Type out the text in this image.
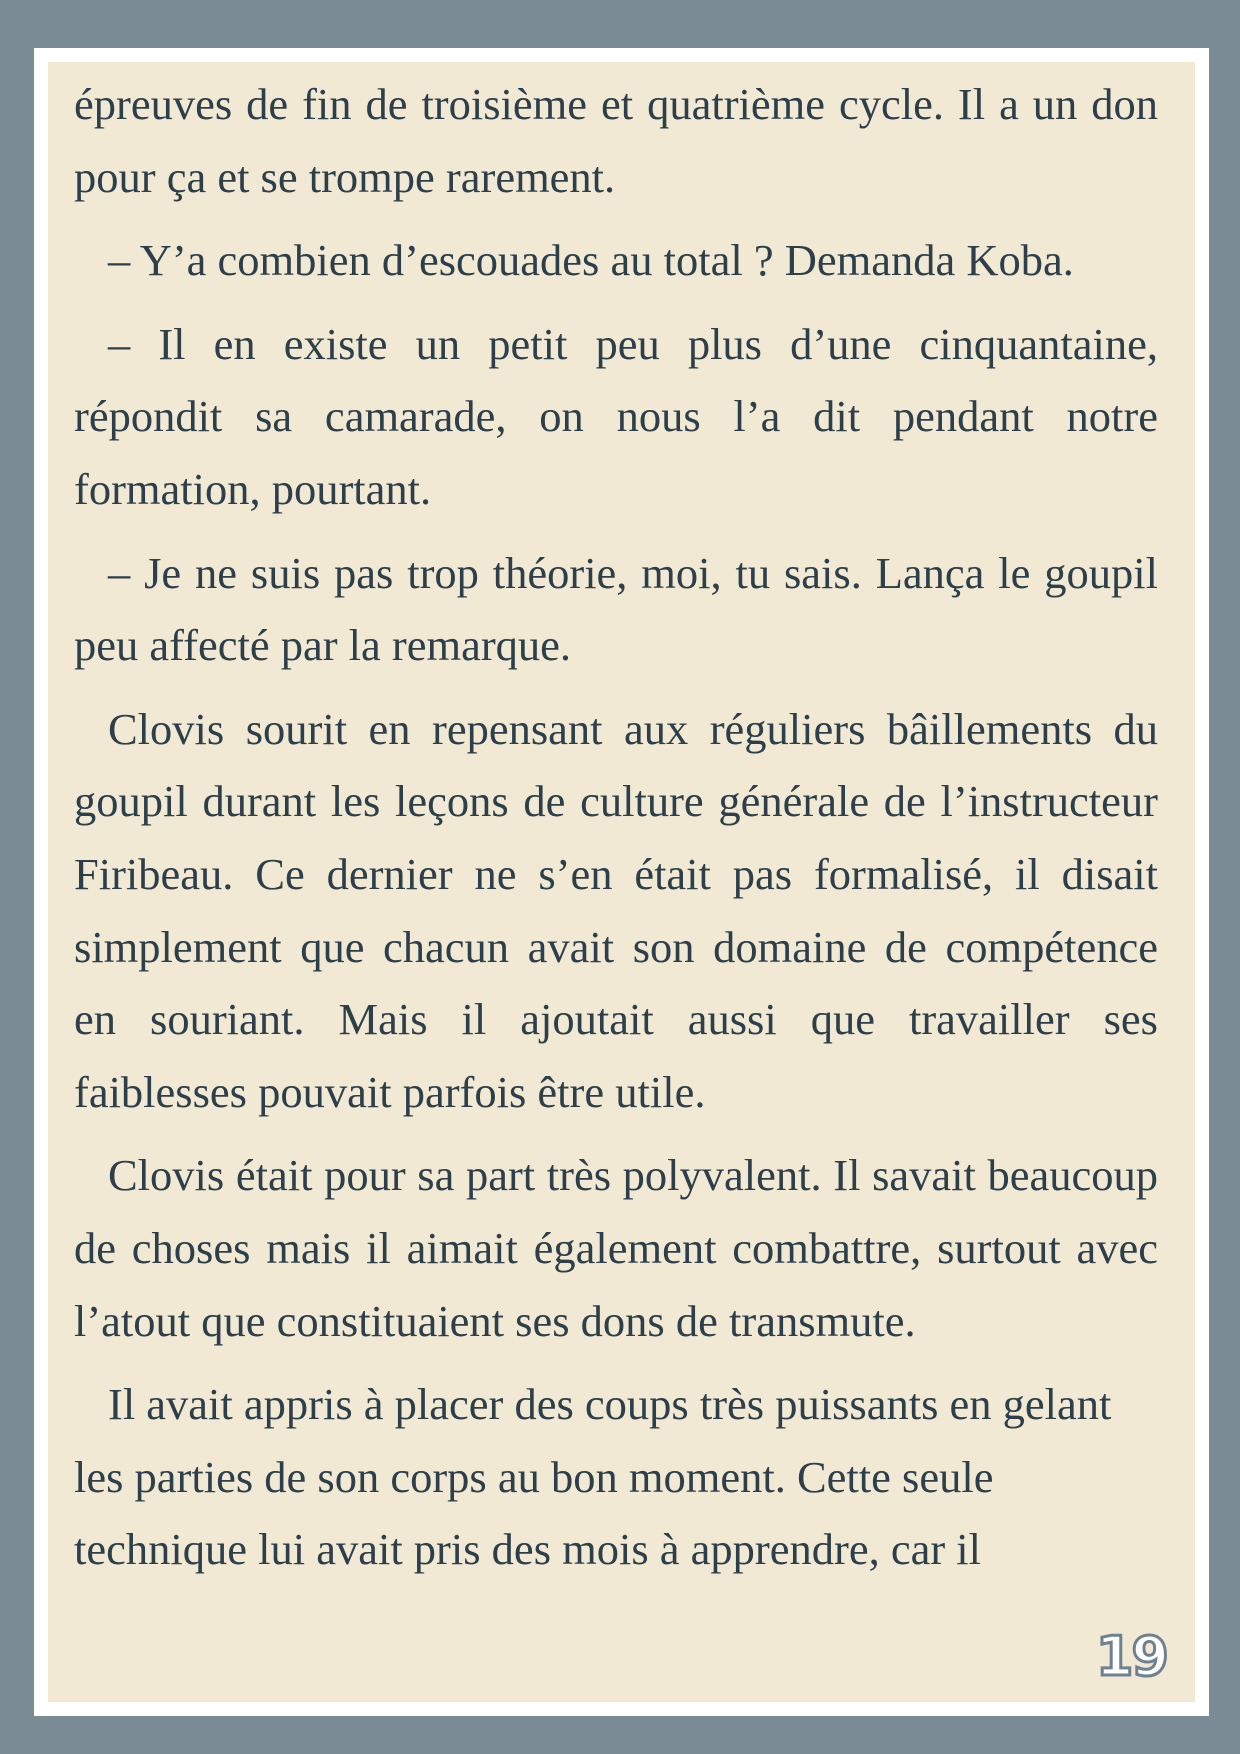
épreuves de fin de troisième et quatrième cycle. Il a un don pour ça et se trompe rarement.

– Y’a combien d’escouades au total ? Demanda Koba.

– Il en existe un petit peu plus d’une cinquantaine, répondit sa camarade, on nous l’a dit pendant notre formation, pourtant.

– Je ne suis pas trop théorie, moi, tu sais. Lança le goupil peu affecté par la remarque.

Clovis sourit en repensant aux réguliers bâillements du goupil durant les leçons de culture générale de l’instructeur Firibeau. Ce dernier ne s’en était pas formalisé, il disait simplement que chacun avait son domaine de compétence en souriant. Mais il ajoutait aussi que travailler ses faiblesses pouvait parfois être utile.

Clovis était pour sa part très polyvalent. Il savait beaucoup de choses mais il aimait également combattre, surtout avec l’atout que constituaient ses dons de transmute.

Il avait appris à placer des coups très puissants en gelant les parties de son corps au bon moment. Cette seule technique lui avait pris des mois à apprendre, car il

19
